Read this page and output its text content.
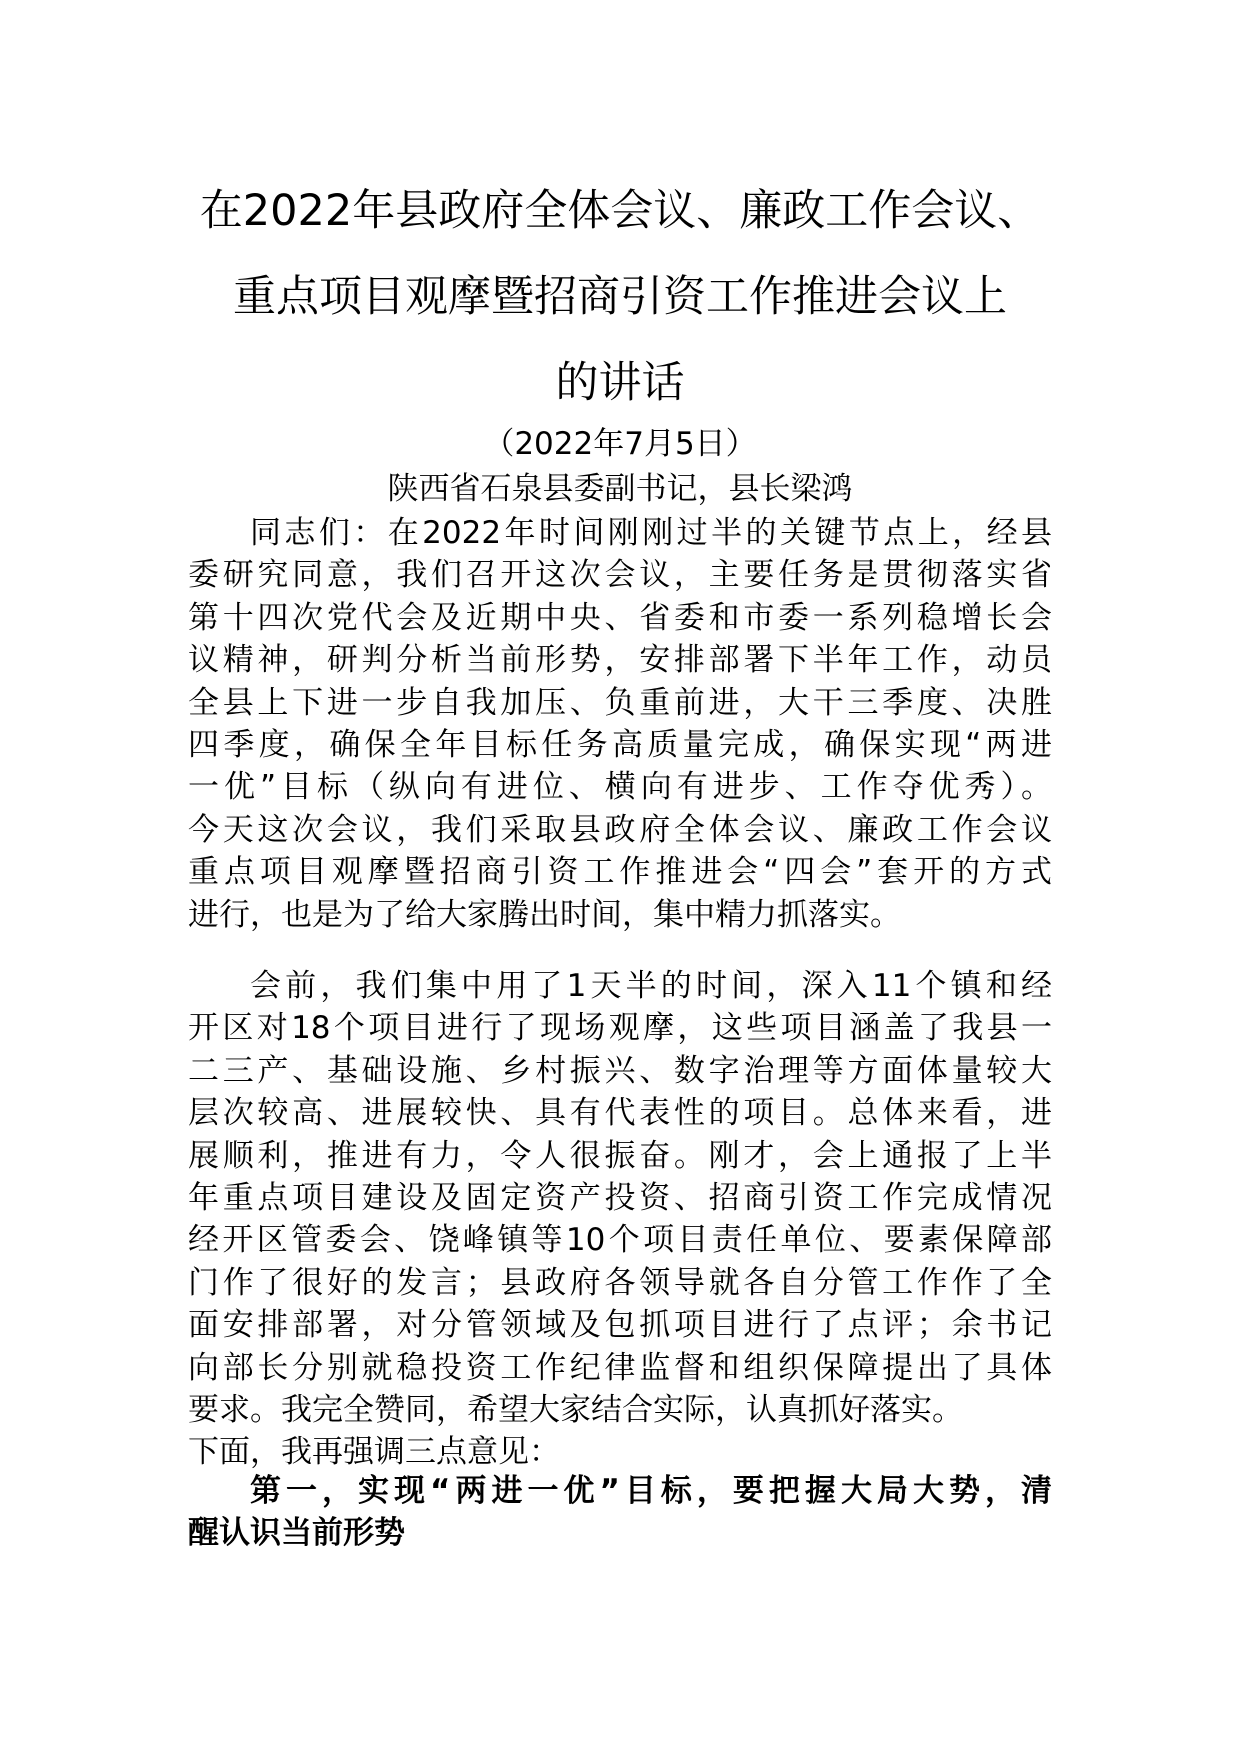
在2022年县政府全体会议、廉政工作会议、
重点项目观摩暨招商引资工作推进会议上
的讲话
（2022年7月5日）
陕西省石泉县委副书记，县长梁鸿
同志们：在2022年时间刚刚过半的关键节点上，经县
委研究同意，我们召开这次会议，主要任务是贯彻落实省
第十四次党代会及近期中央、省委和市委一系列稳增长会
议精神，研判分析当前形势，安排部署下半年工作，动员
全县上下进一步自我加压、负重前进，大干三季度、决胜
四季度，确保全年目标任务高质量完成，确保实现“两进
一优”目标（纵向有进位、横向有进步、工作夺优秀）。
今天这次会议，我们采取县政府全体会议、廉政工作会议
重点项目观摩暨招商引资工作推进会“四会”套开的方式
进行，也是为了给大家腾出时间，集中精力抓落实。
会前，我们集中用了1天半的时间，深入11个镇和经
开区对18个项目进行了现场观摩，这些项目涵盖了我县一
二三产、基础设施、乡村振兴、数字治理等方面体量较大
层次较高、进展较快、具有代表性的项目。总体来看，进
展顺利，推进有力，令人很振奋。刚才，会上通报了上半
年重点项目建设及固定资产投资、招商引资工作完成情况
经开区管委会、饶峰镇等10个项目责任单位、要素保障部
门作了很好的发言；县政府各领导就各自分管工作作了全
面安排部署，对分管领域及包抓项目进行了点评；余书记
向部长分别就稳投资工作纪律监督和组织保障提出了具体
要求。我完全赞同，希望大家结合实际，认真抓好落实。
下面，我再强调三点意见：
第一，实现“两进一优”目标，要把握大局大势，清
醒认识当前形势
